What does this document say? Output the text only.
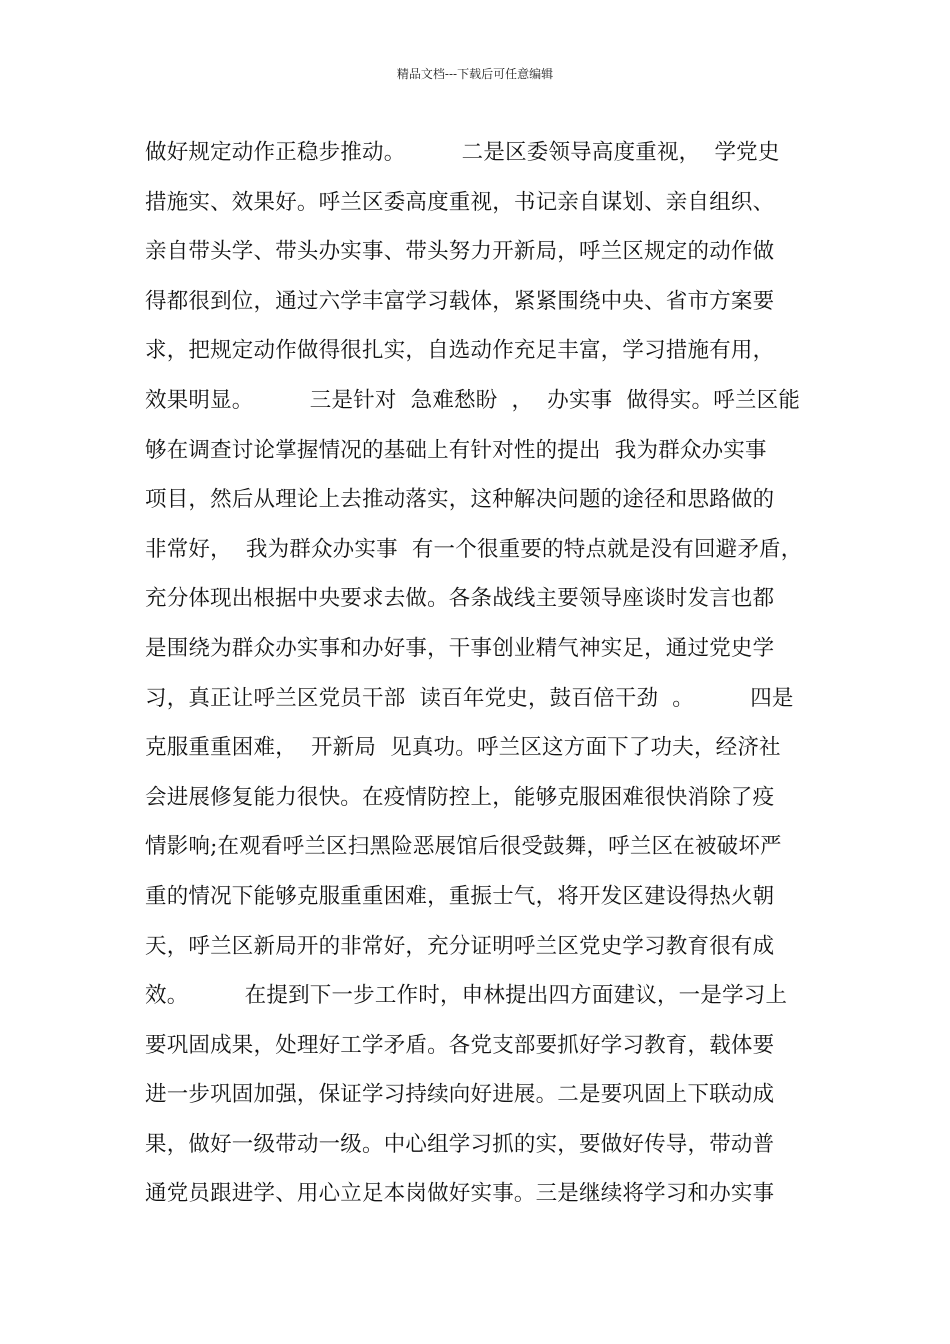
精品文档---下载后可任意编辑
做好规定动作正稳步推动。        二是区委领导高度重视，  学党史
措施实、效果好。呼兰区委高度重视，书记亲自谋划、亲自组织、
亲自带头学、带头办实事、带头努力开新局，呼兰区规定的动作做
得都很到位，通过六学丰富学习载体，紧紧围绕中央、省市方案要
求，把规定动作做得很扎实，自选动作充足丰富，学习措施有用，
效果明显。        三是针对  急难愁盼  ，  办实事  做得实。呼兰区能
够在调查讨论掌握情况的基础上有针对性的提出  我为群众办实事
项目，然后从理论上去推动落实，这种解决问题的途径和思路做的
非常好，  我为群众办实事  有一个很重要的特点就是没有回避矛盾，
充分体现出根据中央要求去做。各条战线主要领导座谈时发言也都
是围绕为群众办实事和办好事，干事创业精气神实足，通过党史学
习，真正让呼兰区党员干部  读百年党史，鼓百倍干劲  。        四是
克服重重困难，  开新局  见真功。呼兰区这方面下了功夫，经济社
会进展修复能力很快。在疫情防控上，能够克服困难很快消除了疫
情影响;在观看呼兰区扫黑险恶展馆后很受鼓舞，呼兰区在被破坏严
重的情况下能够克服重重困难，重振士气，将开发区建设得热火朝
天，呼兰区新局开的非常好，充分证明呼兰区党史学习教育很有成
效。        在提到下一步工作时，申林提出四方面建议，一是学习上
要巩固成果，处理好工学矛盾。各党支部要抓好学习教育，载体要
进一步巩固加强，保证学习持续向好进展。二是要巩固上下联动成
果，做好一级带动一级。中心组学习抓的实，要做好传导，带动普
通党员跟进学、用心立足本岗做好实事。三是继续将学习和办实事
